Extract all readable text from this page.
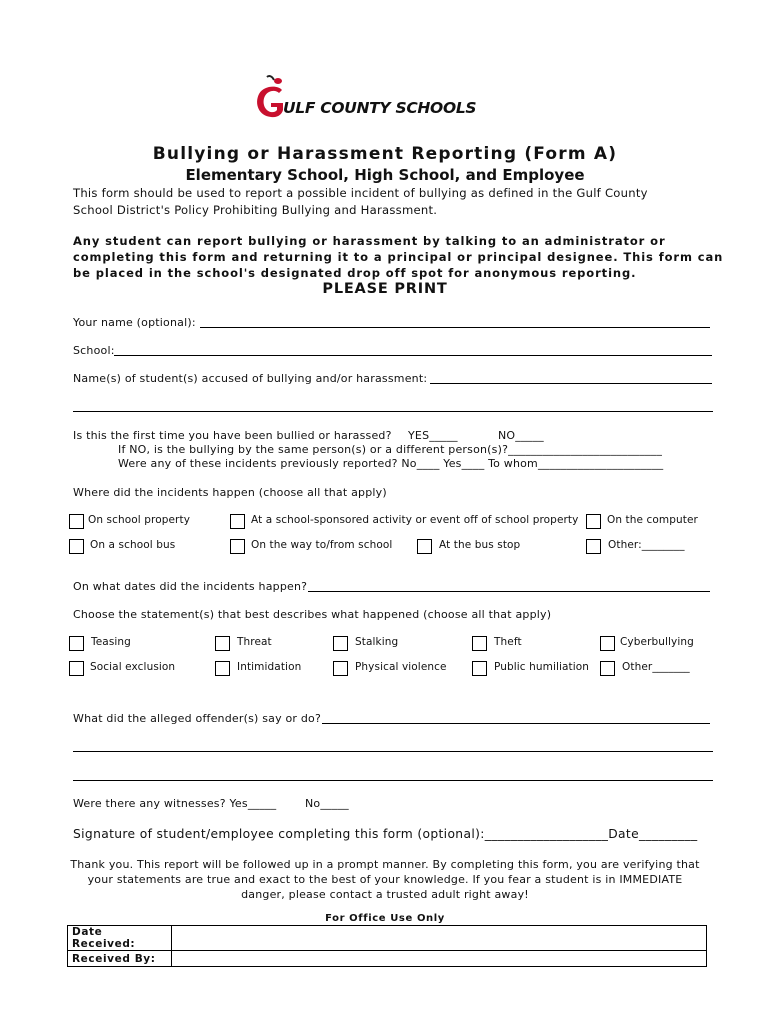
ULF COUNTY SCHOOLS
Bullying or Harassment Reporting (Form A)
Elementary School, High School, and Employee
This form should be used to report a possible incident of bullying as defined in the Gulf County
School District's Policy Prohibiting Bullying and Harassment.
Any student can report bullying or harassment by talking to an administrator or
completing this form and returning it to a principal or principal designee. This form can
be placed in the school's designated drop off spot for anonymous reporting.
PLEASE PRINT
Your name (optional):
School:
Name(s) of student(s) accused of bullying and/or harassment:
Is this the first time you have been bullied or harassed? YES_____	NO_____
If NO, is the bullying by the same person(s) or a different person(s)?___________________________
Were any of these incidents previously reported? No____ Yes____ To whom______________________
Where did the incidents happen (choose all that apply)
On school property	At a school-sponsored activity or event off of school property	On the computer
On a school bus	On the way to/from school	At the bus stop	Other:________
On what dates did the incidents happen?
Choose the statement(s) that best describes what happened (choose all that apply)
Teasing	Threat	Stalking	Theft	Cyberbullying
Social exclusion	Intimidation	Physical violence	Public humiliation	Other_______
What did the alleged offender(s) say or do?
Were there any witnesses? Yes_____	No_____
Signature of student/employee completing this form (optional):___________________Date_________
Thank you. This report will be followed up in a prompt manner. By completing this form, you are verifying that
your statements are true and exact to the best of your knowledge. If you fear a student is in IMMEDIATE
danger, please contact a trusted adult right away!
For Office Use Only
Date Received:	
Received By:	
